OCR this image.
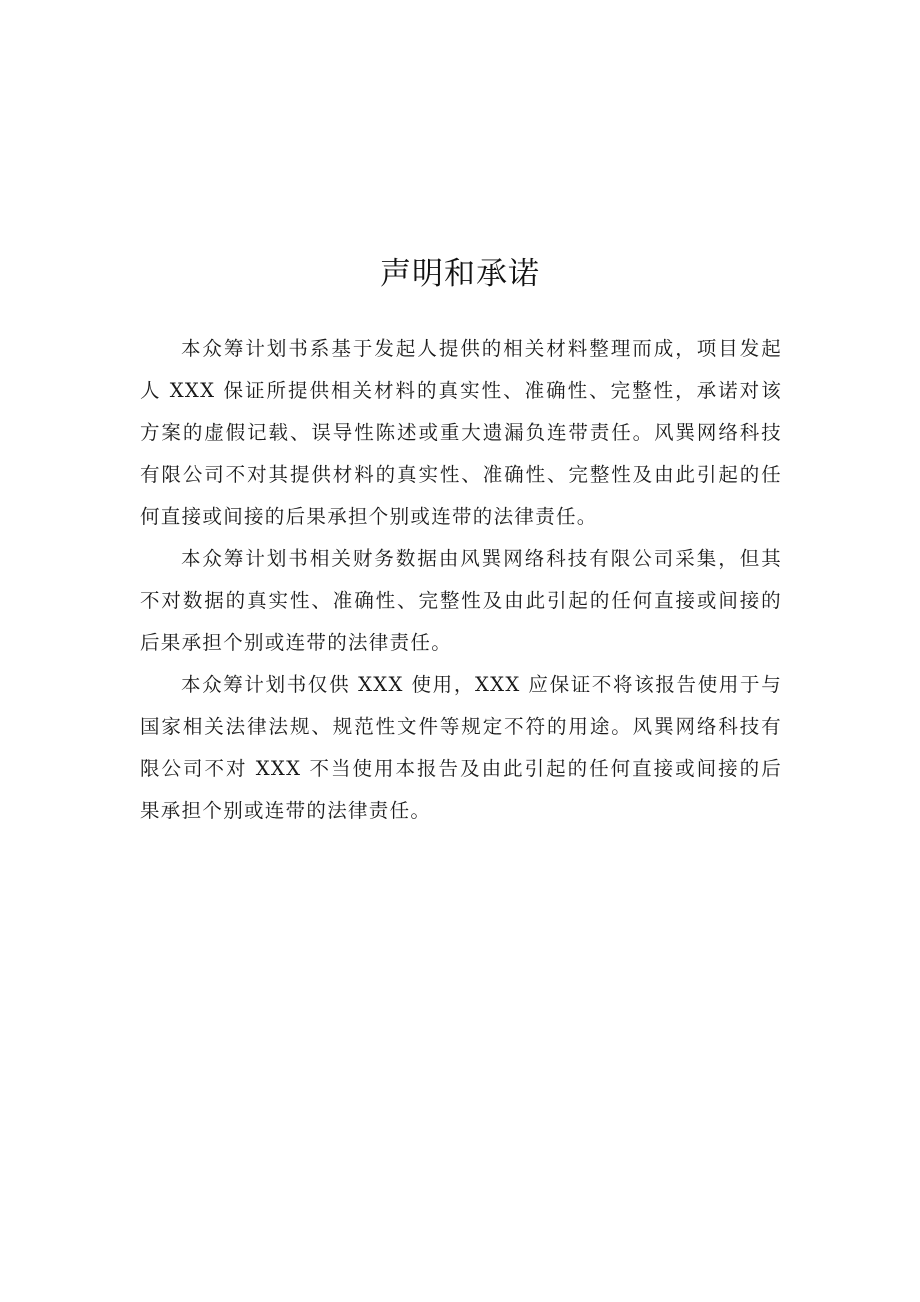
声明和承诺

本众筹计划书系基于发起人提供的相关材料整理而成，项目发起人 XXX 保证所提供相关材料的真实性、准确性、完整性，承诺对该方案的虚假记载、误导性陈述或重大遗漏负连带责任。风巽网络科技有限公司不对其提供材料的真实性、准确性、完整性及由此引起的任何直接或间接的后果承担个别或连带的法律责任。

本众筹计划书相关财务数据由风巽网络科技有限公司采集，但其不对数据的真实性、准确性、完整性及由此引起的任何直接或间接的后果承担个别或连带的法律责任。

本众筹计划书仅供 XXX 使用，XXX 应保证不将该报告使用于与国家相关法律法规、规范性文件等规定不符的用途。风巽网络科技有限公司不对 XXX 不当使用本报告及由此引起的任何直接或间接的后果承担个别或连带的法律责任。
